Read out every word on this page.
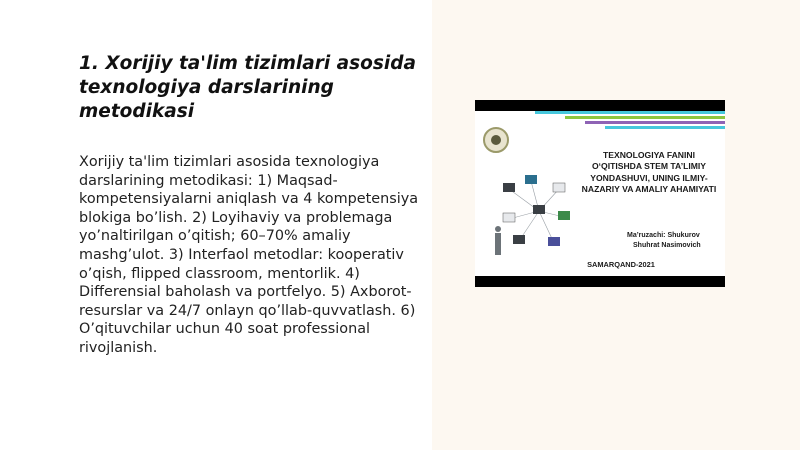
1. Xorijiy ta'lim tizimlari asosida texnologiya darslarining metodikasi

Xorijiy ta'lim tizimlari asosida texnologiya darslarining metodikasi: 1) Maqsad-kompetensiyalarni aniqlash va 4 kompetensiya blokiga bo’lish. 2) Loyihaviy va problemaga yo’naltirilgan o’qitish; 60–70% amaliy mashg’ulot. 3) Interfaol metodlar: kooperativ o’qish, flipped classroom, mentorlik. 4) Differensial baholash va portfelyo. 5) Axborot-resurslar va 24/7 onlayn qo’llab-quvvatlash. 6) O’qituvchilar uchun 40 soat professional rivojlanish.

TEXNOLOGIYA FANINI O‘QITISHDA STEM TA’LIMIY YONDASHUVI, UNING ILMIY-NAZARIY VA AMALIY AHAMIYATI

Ma’ruzachi: Shukurov
Shuhrat Nasimovich
SAMARQAND-2021
